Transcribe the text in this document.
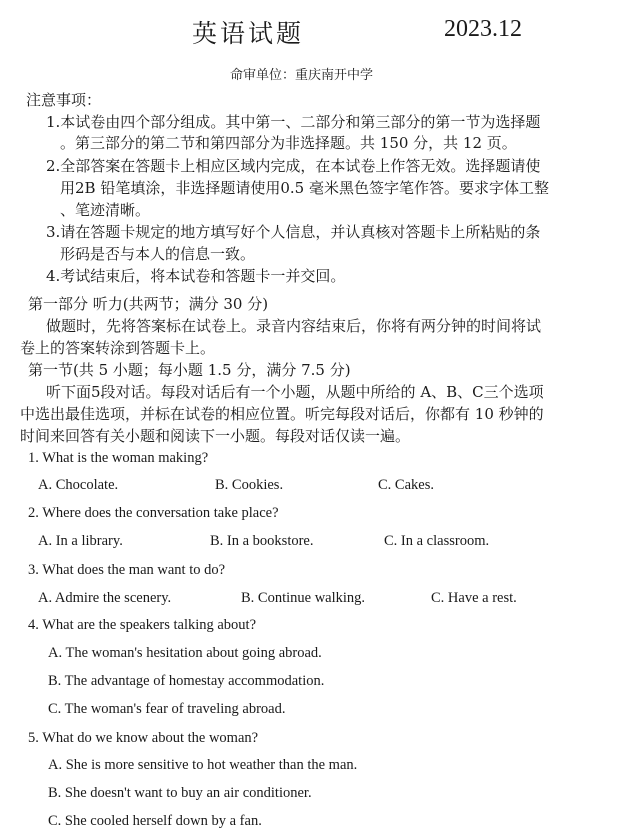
英语试题	2023.12
命审单位：重庆南开中学
注意事项：
1.本试卷由四个部分组成。其中第一、二部分和第三部分的第一节为选择题
。第三部分的第二节和第四部分为非选择题。共 150 分，共 12 页。
2.全部答案在答题卡上相应区域内完成，在本试卷上作答无效。选择题请使
用2B 铅笔填涂，非选择题请使用0.5 毫米黑色签字笔作答。要求字体工整
、笔迹清晰。
3.请在答题卡规定的地方填写好个人信息，并认真核对答题卡上所粘贴的条
形码是否与本人的信息一致。
4.考试结束后，将本试卷和答题卡一并交回。
第一部分 听力(共两节；满分 30 分)
做题时，先将答案标在试卷上。录音内容结束后，你将有两分钟的时间将试
卷上的答案转涂到答题卡上。
第一节(共 5 小题；每小题 1.5 分，满分 7.5 分)
听下面5段对话。每段对话后有一个小题，从题中所给的 A、B、C三个选项
中选出最佳选项，并标在试卷的相应位置。听完每段对话后，你都有 10 秒钟的
时间来回答有关小题和阅读下一小题。每段对话仅读一遍。
1. What is the woman making?
A. Chocolate.	B. Cookies.	C. Cakes.
2. Where does the conversation take place?
A. In a library.	B. In a bookstore.	C. In a classroom.
3. What does the man want to do?
A. Admire the scenery.	B. Continue walking.	C. Have a rest.
4. What are the speakers talking about?
A. The woman's hesitation about going abroad.
B. The advantage of homestay accommodation.
C. The woman's fear of traveling abroad.
5. What do we know about the woman?
A. She is more sensitive to hot weather than the man.
B. She doesn't want to buy an air conditioner.
C. She cooled herself down by a fan.
